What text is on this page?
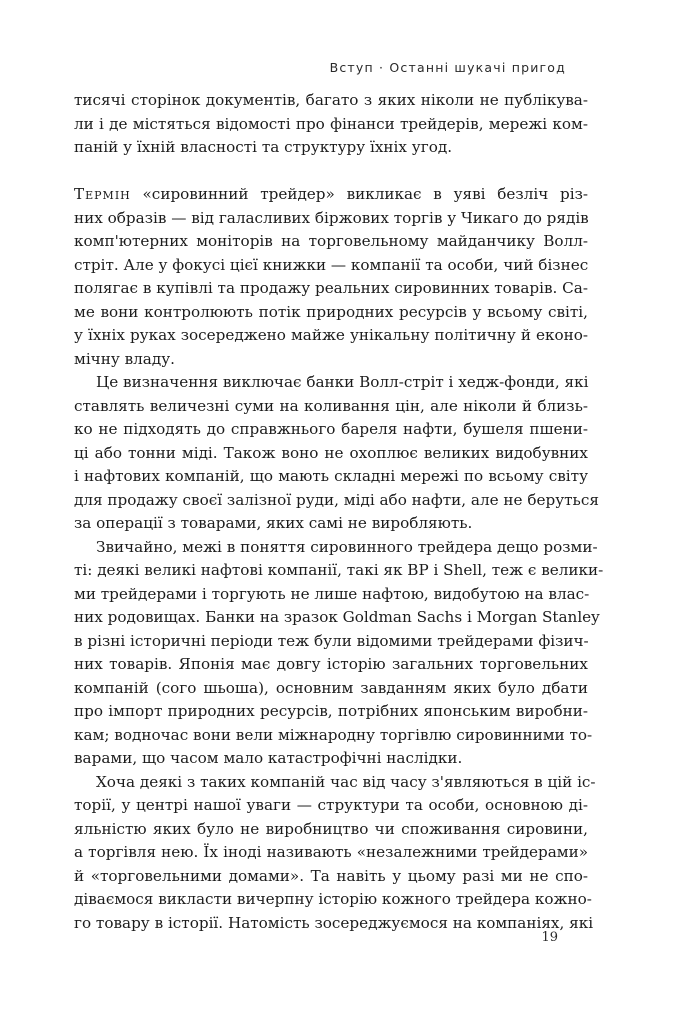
Вступ · Останні шукачі пригод
тисячі сторінок документів, багато з яких ніколи не публікува-
ли і де містяться відомості про фінанси трейдерів, мережі ком-
паній у їхній власності та структуру їхніх угод.
Термін «сировинний трейдер» викликає в уяві безліч різ-
них образів — від галасливих біржових торгів у Чикаго до рядів
комп'ютерних моніторів на торговельному майданчику Волл-
стріт. Але у фокусі цієї книжки — компанії та особи, чий бізнес
полягає в купівлі та продажу реальних сировинних товарів. Са-
ме вони контролюють потік природних ресурсів у всьому світі,
у їхніх руках зосереджено майже унікальну політичну й еконо-
мічну владу.
Це визначення виключає банки Волл-стріт і хедж-фонди, які
ставлять величезні суми на коливання цін, але ніколи й близь-
ко не підходять до справжнього бареля нафти, бушеля пшени-
ці або тонни міді. Також воно не охоплює великих видобувних
і нафтових компаній, що мають складні мережі по всьому світу
для продажу своєї залізної руди, міді або нафти, але не беруться
за операції з товарами, яких самі не виробляють.
Звичайно, межі в поняття сировинного трейдера дещо розми-
ті: деякі великі нафтові компанії, такі як BP і Shell, теж є велики-
ми трейдерами і торгують не лише нафтою, видобутою на влас-
них родовищах. Банки на зразок Goldman Sachs і Morgan Stanley
в різні історичні періоди теж були відомими трейдерами фізич-
них товарів. Японія має довгу історію загальних торговельних
компаній (сого шьоша), основним завданням яких було дбати
про імпорт природних ресурсів, потрібних японським виробни-
кам; водночас вони вели міжнародну торгівлю сировинними то-
варами, що часом мало катастрофічні наслідки.
Хоча деякі з таких компаній час від часу з'являються в цій іс-
торії, у центрі нашої уваги — структури та особи, основною ді-
яльністю яких було не виробництво чи споживання сировини,
а торгівля нею. Їх іноді називають «незалежними трейдерами»
й «торговельними домами». Та навіть у цьому разі ми не спо-
діваємося викласти вичерпну історію кожного трейдера кожно-
го товару в історії. Натомість зосереджуємося на компаніях, які
19
